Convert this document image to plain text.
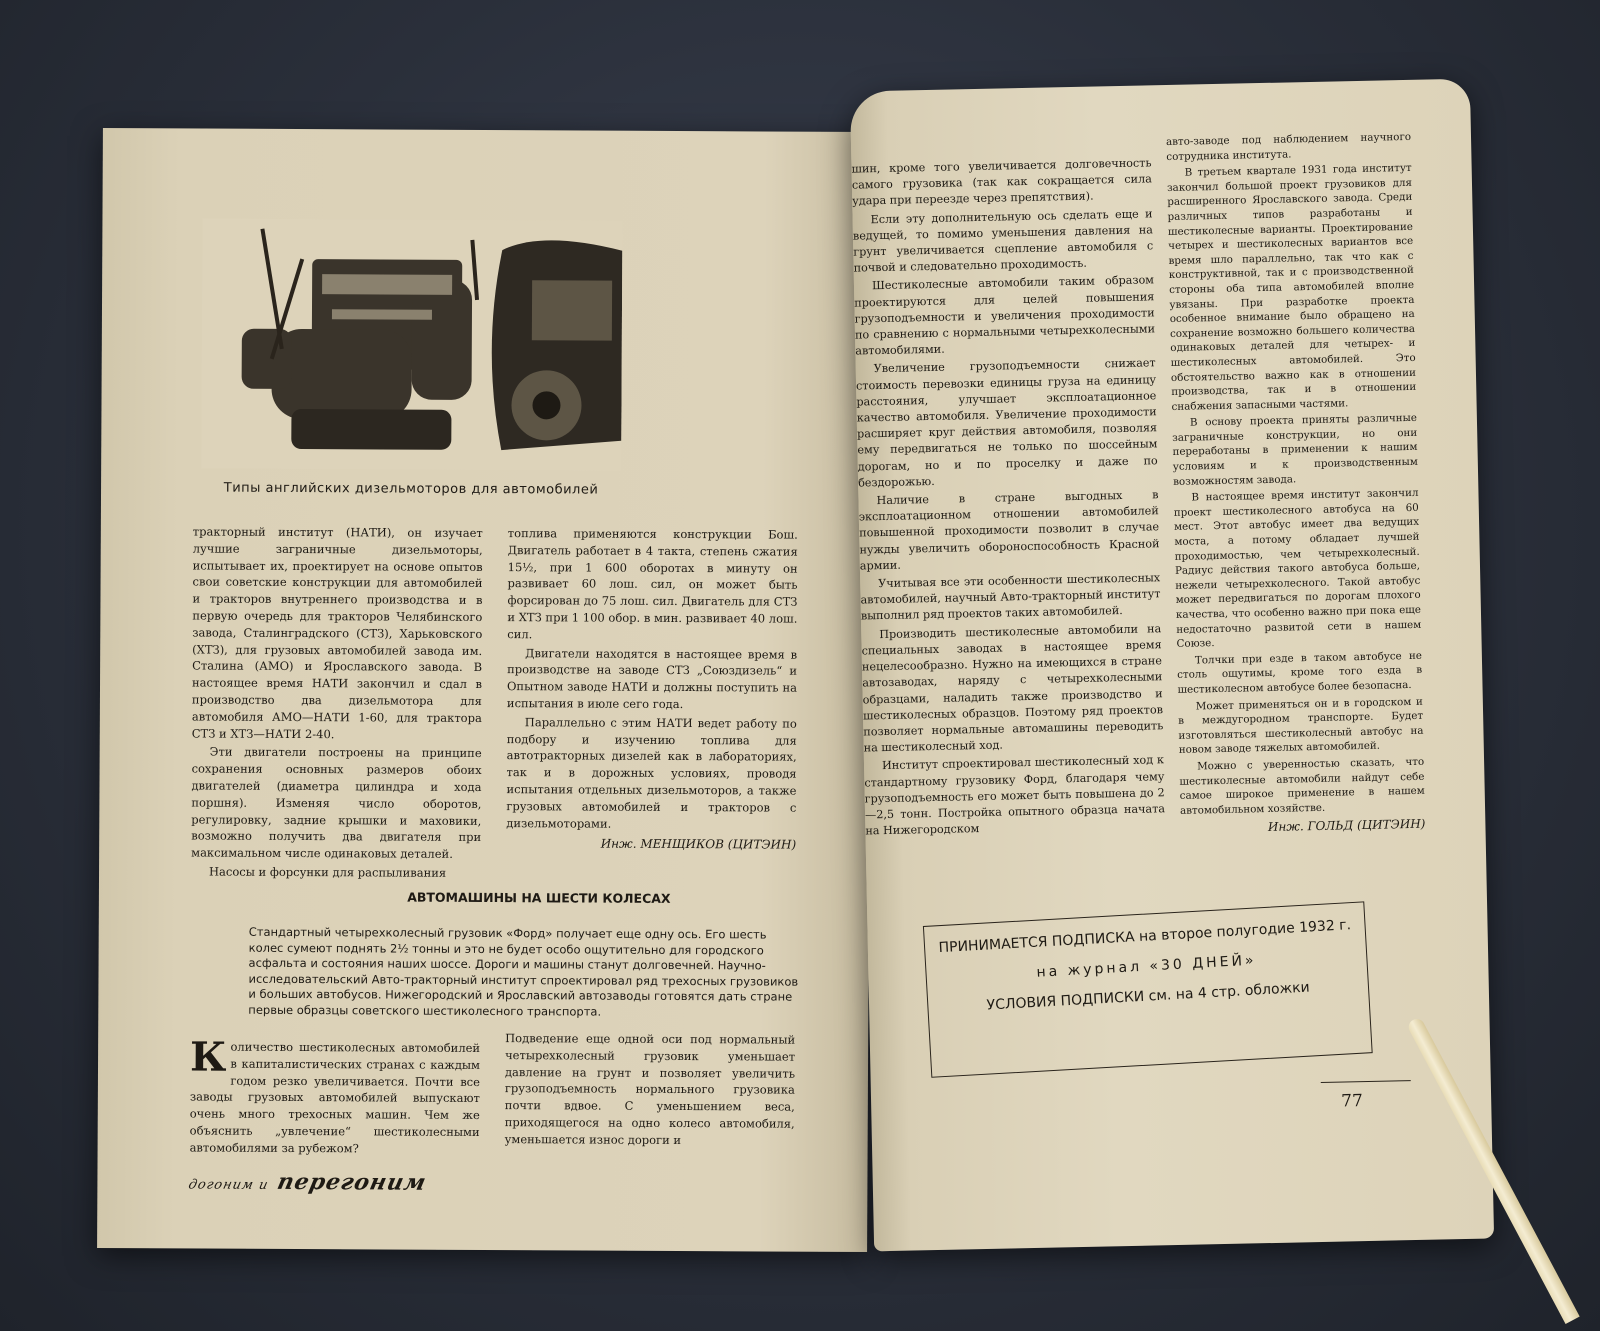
Типы английских дизельмоторов для автомобилей

тракторный институт (НАТИ), он изучает лучшие заграничные дизельмоторы, испытывает их, проектирует на основе опытов свои советские конструкции для автомобилей и тракторов внутреннего производства и в первую очередь для тракторов Челябинского завода, Сталинградского (СТЗ), Харьковского (ХТЗ), для грузовых автомобилей завода им. Сталина (АМО) и Ярославского завода. В настоящее время НАТИ закончил и сдал в производство два дизельмотора для автомобиля АМО—НАТИ 1-60, для трактора СТЗ и ХТЗ—НАТИ 2-40.

Эти двигатели построены на принципе сохранения основных размеров обоих двигателей (диаметра цилиндра и хода поршня). Изменяя число оборотов, регулировку, задние крышки и маховики, возможно получить два двигателя при максимальном числе одинаковых деталей.

Насосы и форсунки для распыливания

топлива применяются конструкции Бош. Двигатель работает в 4 такта, степень сжатия 15½, при 1 600 оборотах в минуту он развивает 60 лош. сил, он может быть форсирован до 75 лош. сил. Двигатель для СТЗ и ХТЗ при 1 100 обор. в мин. развивает 40 лош. сил.

Двигатели находятся в настоящее время в производстве на заводе СТЗ „Союздизель“ и Опытном заводе НАТИ и должны поступить на испытания в июле сего года.

Параллельно с этим НАТИ ведет работу по подбору и изучению топлива для автотракторных дизелей как в лабораториях, так и в дорожных условиях, проводя испытания отдельных дизельмоторов, а также грузовых автомобилей и тракторов с дизельмоторами.

Инж. МЕНЩИКОВ (ЦИТЭИН)
АВТОМАШИНЫ НА ШЕСТИ КОЛЕСАХ
Стандартный четырехколесный грузовик «Форд» получает еще одну ось. Его шесть колес сумеют поднять 2½ тонны и это не будет особо ощутительно для городского асфальта и состояния наших шоссе. Дороги и машины станут долговечней. Научно-исследовательский Авто-тракторный институт спроектировал ряд трехосных грузовиков и больших автобусов. Нижегородский и Ярославский автозаводы готовятся дать стране первые образцы советского шестиколесного транспорта.
К оличество шестиколесных автомобилей в капиталистических странах с каждым годом резко увеличивается. Почти все заводы грузовых автомобилей выпускают очень много трехосных машин. Чем же объяснить „увлечение“ шестиколесными автомобилями за рубежом?

Подведение еще одной оси под нормальный четырехколесный грузовик уменьшает давление на грунт и позволяет увеличить грузоподъемность нормального грузовика почти вдвое. С уменьшением веса, приходящегося на одно колесо автомобиля, уменьшается износ дороги и

догоним и перегоним

шин, кроме того увеличивается долговечность самого грузовика (так как сокращается сила удара при переезде через препятствия).

Если эту дополнительную ось сделать еще и ведущей, то помимо уменьшения давления на грунт увеличивается сцепление автомобиля с почвой и следовательно проходимость.

Шестиколесные автомобили таким образом проектируются для целей повышения грузоподъемности и увеличения проходимости по сравнению с нормальными четырехколесными автомобилями.

Увеличение грузоподъемности снижает стоимость перевозки единицы груза на единицу расстояния, улучшает эксплоатационное качество автомобиля. Увеличение проходимости расширяет круг действия автомобиля, позволяя ему передвигаться не только по шоссейным дорогам, но и по проселку и даже по бездорожью.

Наличие в стране выгодных в эксплоатационном отношении автомобилей повышенной проходимости позволит в случае нужды увеличить обороноспособность Красной армии.

Учитывая все эти особенности шестиколесных автомобилей, научный Авто-тракторный институт выполнил ряд проектов таких автомобилей.

Производить шестиколесные автомобили на специальных заводах в настоящее время нецелесообразно. Нужно на имеющихся в стране автозаводах, наряду с четырехколесными образцами, наладить также производство и шестиколесных образцов. Поэтому ряд проектов позволяет нормальные автомашины переводить на шестиколесный ход.

Институт спроектировал шестиколесный ход к стандартному грузовику Форд, благодаря чему грузоподъемность его может быть повышена до 2—2,5 тонн. Постройка опытного образца начата на Нижегородском

авто-заводе под наблюдением научного сотрудника института.

В третьем квартале 1931 года институт закончил большой проект грузовиков для расширенного Ярославского завода. Среди различных типов разработаны и шестиколесные варианты. Проектирование четырех и шестиколесных вариантов все время шло параллельно, так что как с конструктивной, так и с производственной стороны оба типа автомобилей вполне увязаны. При разработке проекта особенное внимание было обращено на сохранение возможно большего количества одинаковых деталей для четырех- и шестиколесных автомобилей. Это обстоятельство важно как в отношении производства, так и в отношении снабжения запасными частями.

В основу проекта приняты различные заграничные конструкции, но они переработаны в применении к нашим условиям и к производственным возможностям завода.

В настоящее время институт закончил проект шестиколесного автобуса на 60 мест. Этот автобус имеет два ведущих моста, а потому обладает лучшей проходимостью, чем четырехколесный. Радиус действия такого автобуса больше, нежели четырехколесного. Такой автобус может передвигаться по дорогам плохого качества, что особенно важно при пока еще недостаточно развитой сети в нашем Союзе.

Толчки при езде в таком автобусе не столь ощутимы, кроме того езда в шестиколесном автобусе более безопасна.

Может применяться он и в городском и в междугородном транспорте. Будет изготовляться шестиколесный автобус на новом заводе тяжелых автомобилей.

Можно с уверенностью сказать, что шестиколесные автомобили найдут себе самое широкое применение в нашем автомобильном хозяйстве.

Инж. ГОЛЬД (ЦИТЭИН)
ПРИНИМАЕТСЯ ПОДПИСКА на второе полугодие 1932 г.
на журнал «30 ДНЕЙ»
УСЛОВИЯ ПОДПИСКИ см. на 4 стр. обложки
77
